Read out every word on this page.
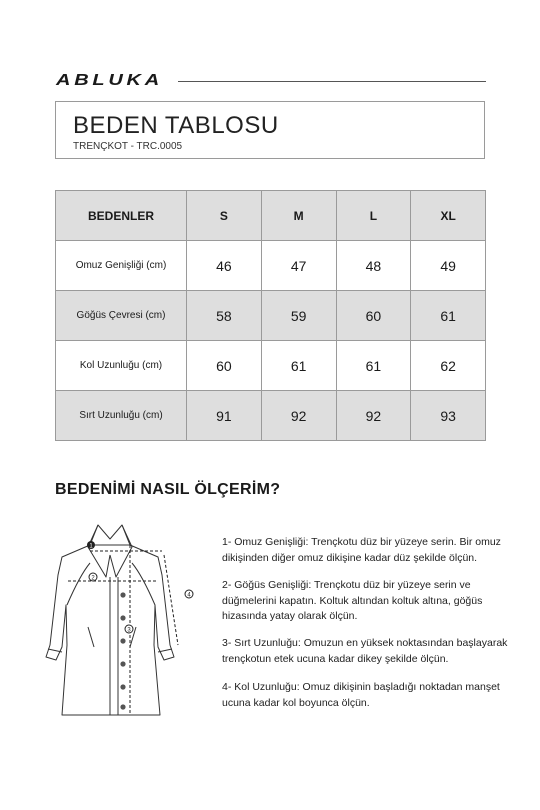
ABLUKA
BEDEN TABLOSU
TRENÇKOT - TRC.0005
BEDENLER	S	M	L	XL
Omuz Genişliği (cm)	46	47	48	49
Göğüs Çevresi (cm)	58	59	60	61
Kol Uzunluğu (cm)	60	61	61	62
Sırt Uzunluğu (cm)	91	92	92	93
BEDENİMİ NASIL ÖLÇERİM?
1
2
3
4

1- Omuz Genişliği: Trençkotu düz bir yüzeye serin. Bir omuz dikişinden diğer omuz dikişine kadar düz şekilde ölçün.

2- Göğüs Genişliği: Trençkotu düz bir yüzeye serin ve düğmelerini kapatın. Koltuk altından koltuk altına, göğüs hizasında yatay olarak ölçün.

3- Sırt Uzunluğu: Omuzun en yüksek noktasından başlayarak trençkotun etek ucuna kadar dikey şekilde ölçün.

4- Kol Uzunluğu: Omuz dikişinin başladığı noktadan manşet ucuna kadar kol boyunca ölçün.
